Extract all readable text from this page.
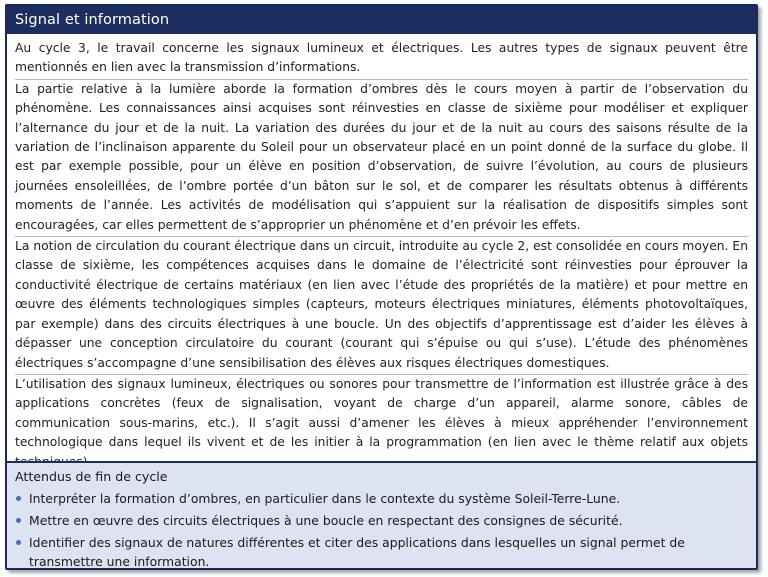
Signal et information

Au cycle 3, le travail concerne les signaux lumineux et électriques. Les autres types de signaux peuvent être mentionnés en lien avec la transmission d’informations.

La partie relative à la lumière aborde la formation d’ombres dès le cours moyen à partir de l’observation du phénomène. Les connaissances ainsi acquises sont réinvesties en classe de sixième pour modéliser et expliquer l’alternance du jour et de la nuit. La variation des durées du jour et de la nuit au cours des saisons résulte de la variation de l’inclinaison apparente du Soleil pour un observateur placé en un point donné de la surface du globe. Il est par exemple possible, pour un élève en position d’observation, de suivre l’évolution, au cours de plusieurs journées ensoleillées, de l’ombre portée d’un bâton sur le sol, et de comparer les résultats obtenus à différents moments de l’année. Les activités de modélisation qui s’appuient sur la réalisation de dispositifs simples sont encouragées, car elles permettent de s’approprier un phénomène et d’en prévoir les effets.

La notion de circulation du courant électrique dans un circuit, introduite au cycle 2, est consolidée en cours moyen. En classe de sixième, les compétences acquises dans le domaine de l’électricité sont réinvesties pour éprouver la conductivité électrique de certains matériaux (en lien avec l’étude des propriétés de la matière) et pour mettre en œuvre des éléments technologiques simples (capteurs, moteurs électriques miniatures, éléments photovoltaïques, par exemple) dans des circuits électriques à une boucle. Un des objectifs d’apprentissage est d’aider les élèves à dépasser une conception circulatoire du courant (courant qui s’épuise ou qui s’use). L’étude des phénomènes électriques s’accompagne d’une sensibilisation des élèves aux risques électriques domestiques.

L’utilisation des signaux lumineux, électriques ou sonores pour transmettre de l’information est illustrée grâce à des applications concrètes (feux de signalisation, voyant de charge d’un appareil, alarme sonore, câbles de communication sous-marins, etc.). Il s’agit aussi d’amener les élèves à mieux appréhender l’environnement technologique dans lequel ils vivent et de les initier à la programmation (en lien avec le thème relatif aux objets

Attendus de fin de cycle
Interpréter la formation d’ombres, en particulier dans le contexte du système Soleil-Terre-Lune.
Mettre en œuvre des circuits électriques à une boucle en respectant des consignes de sécurité.
Identifier des signaux de natures différentes et citer des applications dans lesquelles un signal permet de transmettre une information.
